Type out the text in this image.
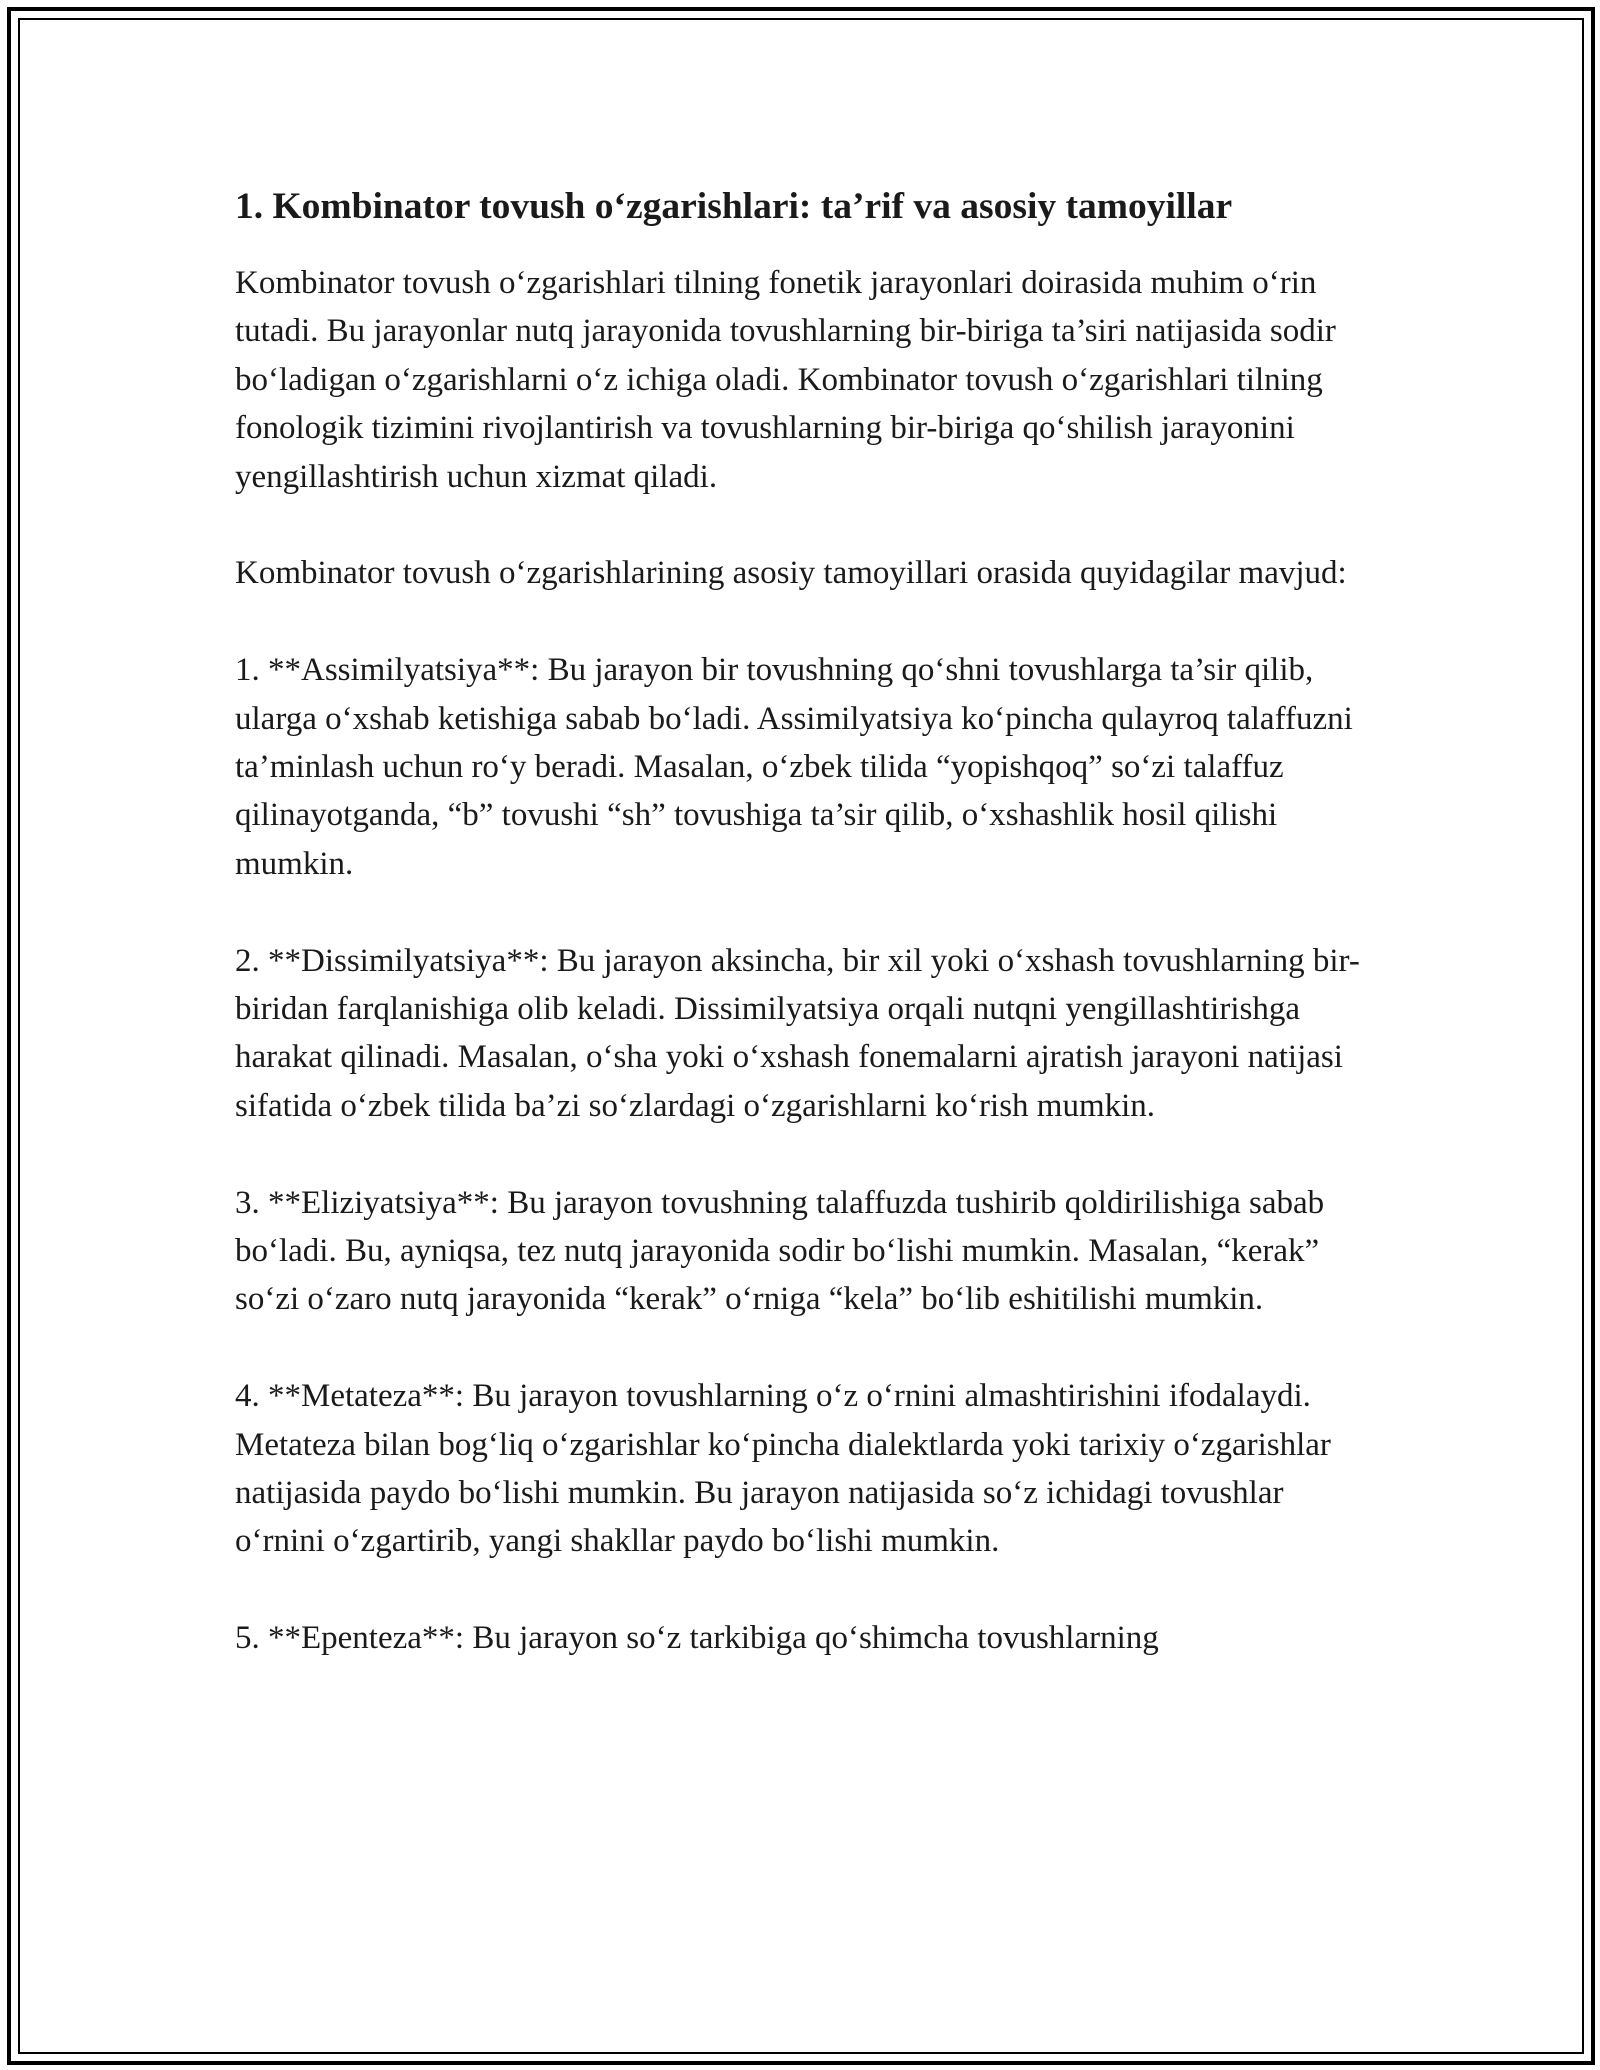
1. Kombinator tovush o‘zgarishlari: ta’rif va asosiy tamoyillar

Kombinator tovush o‘zgarishlari tilning fonetik jarayonlari doirasida muhim o‘rin tutadi. Bu jarayonlar nutq jarayonida tovushlarning bir-biriga ta’siri natijasida sodir bo‘ladigan o‘zgarishlarni o‘z ichiga oladi. Kombinator tovush o‘zgarishlari tilning fonologik tizimini rivojlantirish va tovushlarning bir-biriga qo‘shilish jarayonini yengillashtirish uchun xizmat qiladi.

Kombinator tovush o‘zgarishlarining asosiy tamoyillari orasida quyidagilar mavjud:

1. **Assimilyatsiya**: Bu jarayon bir tovushning qo‘shni tovushlarga ta’sir qilib, ularga o‘xshab ketishiga sabab bo‘ladi. Assimilyatsiya ko‘pincha qulayroq talaffuzni ta’minlash uchun ro‘y beradi. Masalan, o‘zbek tilida “yopishqoq” so‘zi talaffuz qilinayotganda, “b” tovushi “sh” tovushiga ta’sir qilib, o‘xshashlik hosil qilishi mumkin.

2. **Dissimilyatsiya**: Bu jarayon aksincha, bir xil yoki o‘xshash tovushlarning bir-biridan farqlanishiga olib keladi. Dissimilyatsiya orqali nutqni yengillashtirishga harakat qilinadi. Masalan, o‘sha yoki o‘xshash fonemalarni ajratish jarayoni natijasi sifatida o‘zbek tilida ba’zi so‘zlardagi o‘zgarishlarni ko‘rish mumkin.

3. **Eliziyatsiya**: Bu jarayon tovushning talaffuzda tushirib qoldirilishiga sabab bo‘ladi. Bu, ayniqsa, tez nutq jarayonida sodir bo‘lishi mumkin. Masalan, “kerak” so‘zi o‘zaro nutq jarayonida “kerak” o‘rniga “kela” bo‘lib eshitilishi mumkin.

4. **Metateza**: Bu jarayon tovushlarning o‘z o‘rnini almashtirishini ifodalaydi. Metateza bilan bog‘liq o‘zgarishlar ko‘pincha dialektlarda yoki tarixiy o‘zgarishlar natijasida paydo bo‘lishi mumkin. Bu jarayon natijasida so‘z ichidagi tovushlar o‘rnini o‘zgartirib, yangi shakllar paydo bo‘lishi mumkin.

5. **Epenteza**: Bu jarayon so‘z tarkibiga qo‘shimcha tovushlarning
